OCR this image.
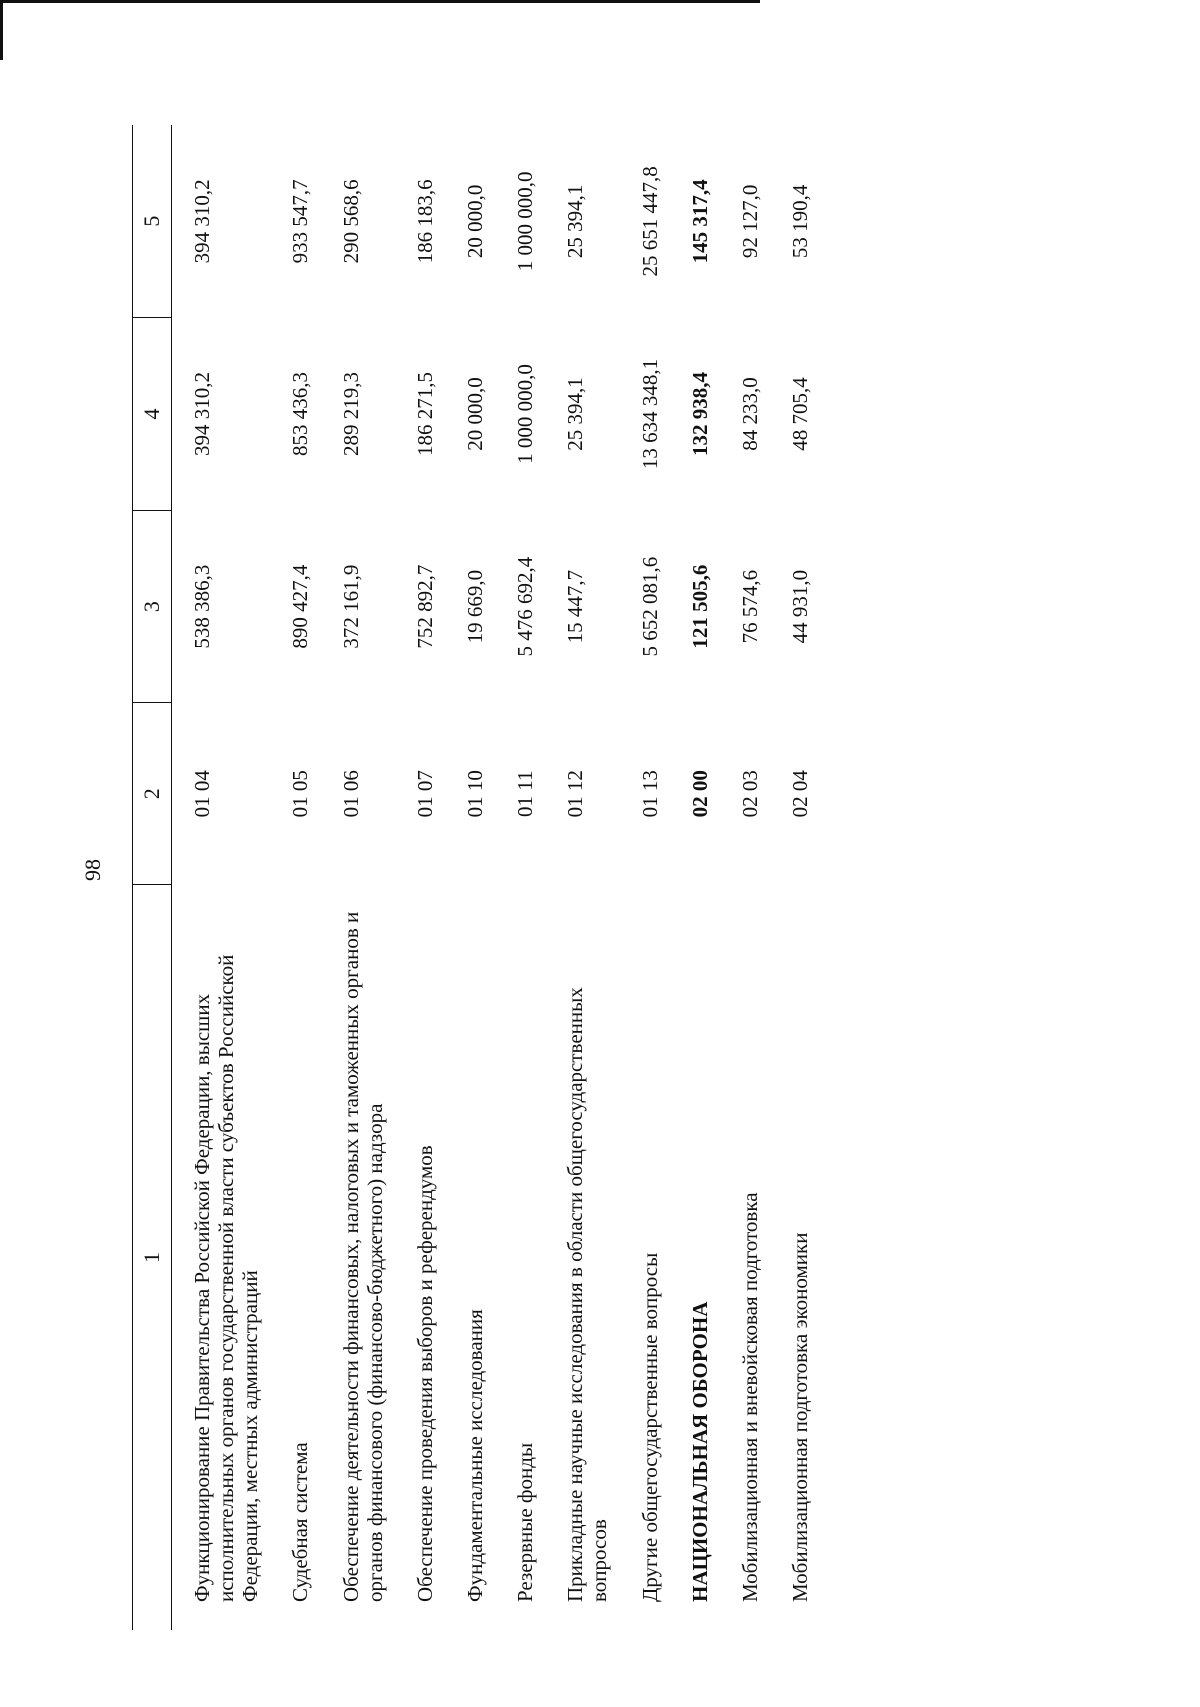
98
1	2	3	4	5
Функционирование Правительства Российской Федерации, высших исполнительных органов государственной власти субъектов Российской Федерации, местных администраций	01 04	538 386,3	394 310,2	394 310,2

Судебная система	01 05	890 427,4	853 436,3	933 547,7

Обеспечение деятельности финансовых, налоговых и таможенных органов и органов финансового (финансово-бюджетного) надзора	01 06	372 161,9	289 219,3	290 568,6

Обеспечение проведения выборов и референдумов	01 07	752 892,7	186 271,5	186 183,6

Фундаментальные исследования	01 10	19 669,0	20 000,0	20 000,0

Резервные фонды	01 11	5 476 692,4	1 000 000,0	1 000 000,0

Прикладные научные исследования в области общегосударственных вопросов	01 12	15 447,7	25 394,1	25 394,1

Другие общегосударственные вопросы	01 13	5 652 081,6	13 634 348,1	25 651 447,8

НАЦИОНАЛЬНАЯ ОБОРОНА	02 00	121 505,6	132 938,4	145 317,4

Мобилизационная и вневойсковая подготовка	02 03	76 574,6	84 233,0	92 127,0

Мобилизационная подготовка экономики	02 04	44 931,0	48 705,4	53 190,4
